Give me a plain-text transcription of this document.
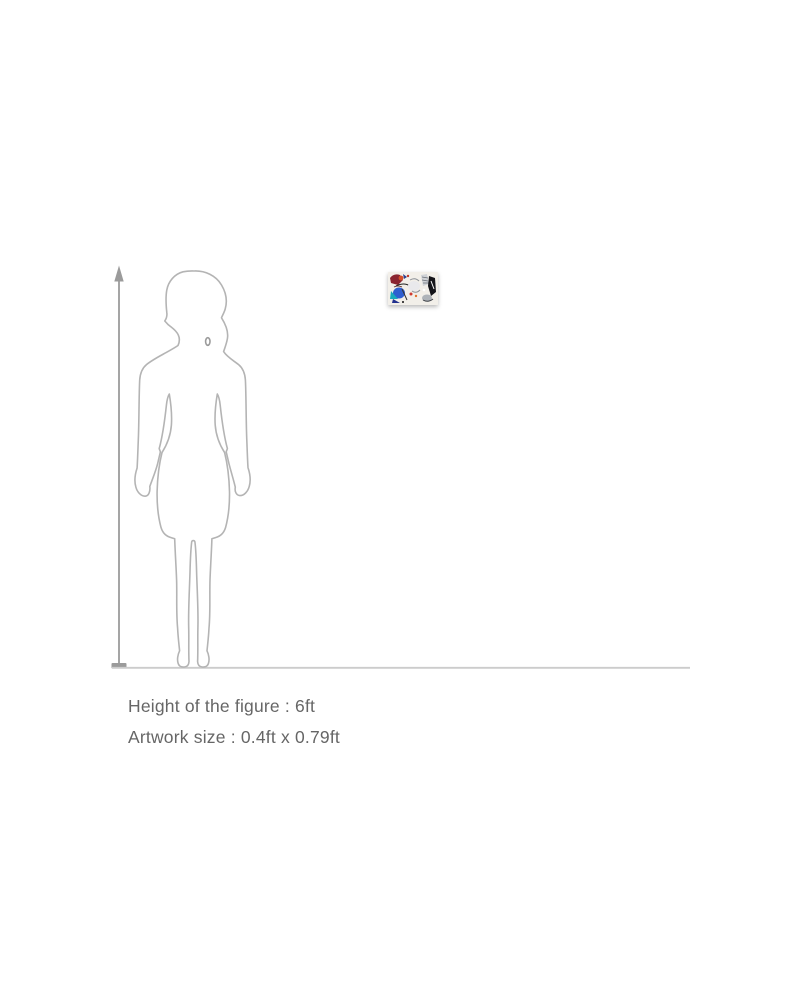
Height of the figure : 6ft
Artwork size : 0.4ft x 0.79ft
